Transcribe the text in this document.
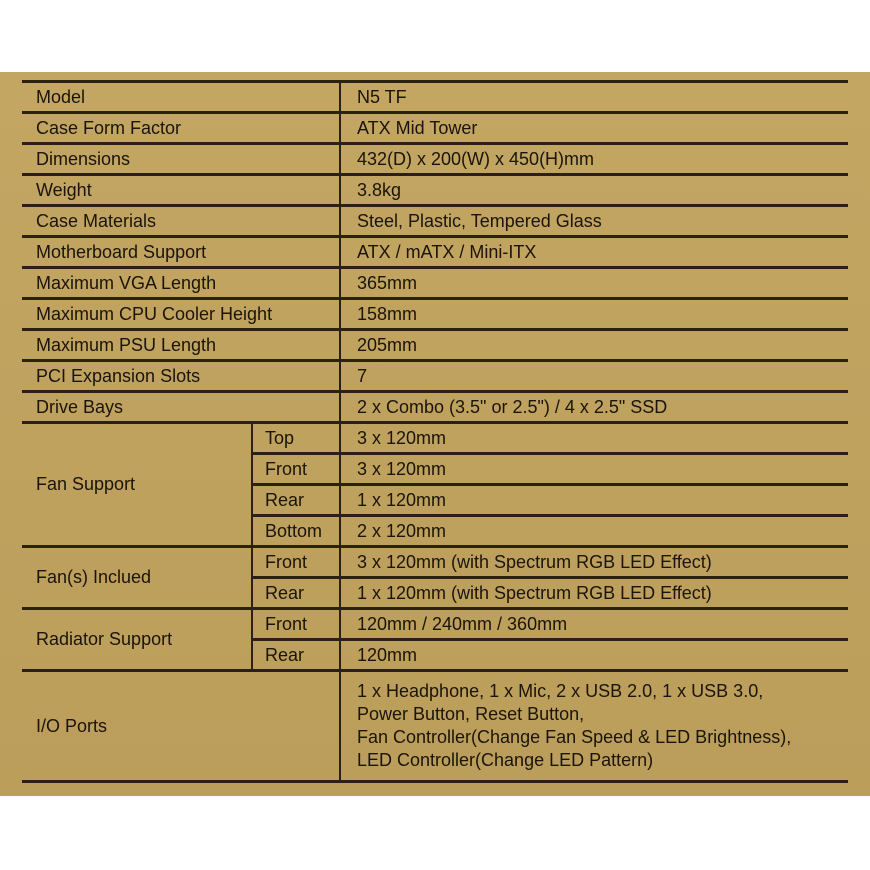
Model		N5 TF
Case Form Factor		ATX Mid Tower
Dimensions		432(D) x 200(W) x 450(H)mm
Weight		3.8kg
Case Materials		Steel, Plastic, Tempered Glass
Motherboard Support		ATX / mATX / Mini-ITX
Maximum VGA Length		365mm
Maximum CPU Cooler Height		158mm
Maximum PSU Length		205mm
PCI Expansion Slots		7
Drive Bays		2 x Combo (3.5" or 2.5") / 4 x 2.5" SSD
Fan Support	Top	3 x 120mm
	Front	3 x 120mm
	Rear	1 x 120mm
	Bottom	2 x 120mm
Fan(s) Inclued	Front	3 x 120mm (with Spectrum RGB LED Effect)
	Rear	1 x 120mm (with Spectrum RGB LED Effect)
Radiator Support	Front	120mm / 240mm / 360mm
	Rear	120mm
I/O Ports		1 x Headphone, 1 x Mic, 2 x USB 2.0, 1 x USB 3.0,
Power Button, Reset Button,
Fan Controller(Change Fan Speed & LED Brightness),
LED Controller(Change LED Pattern)
